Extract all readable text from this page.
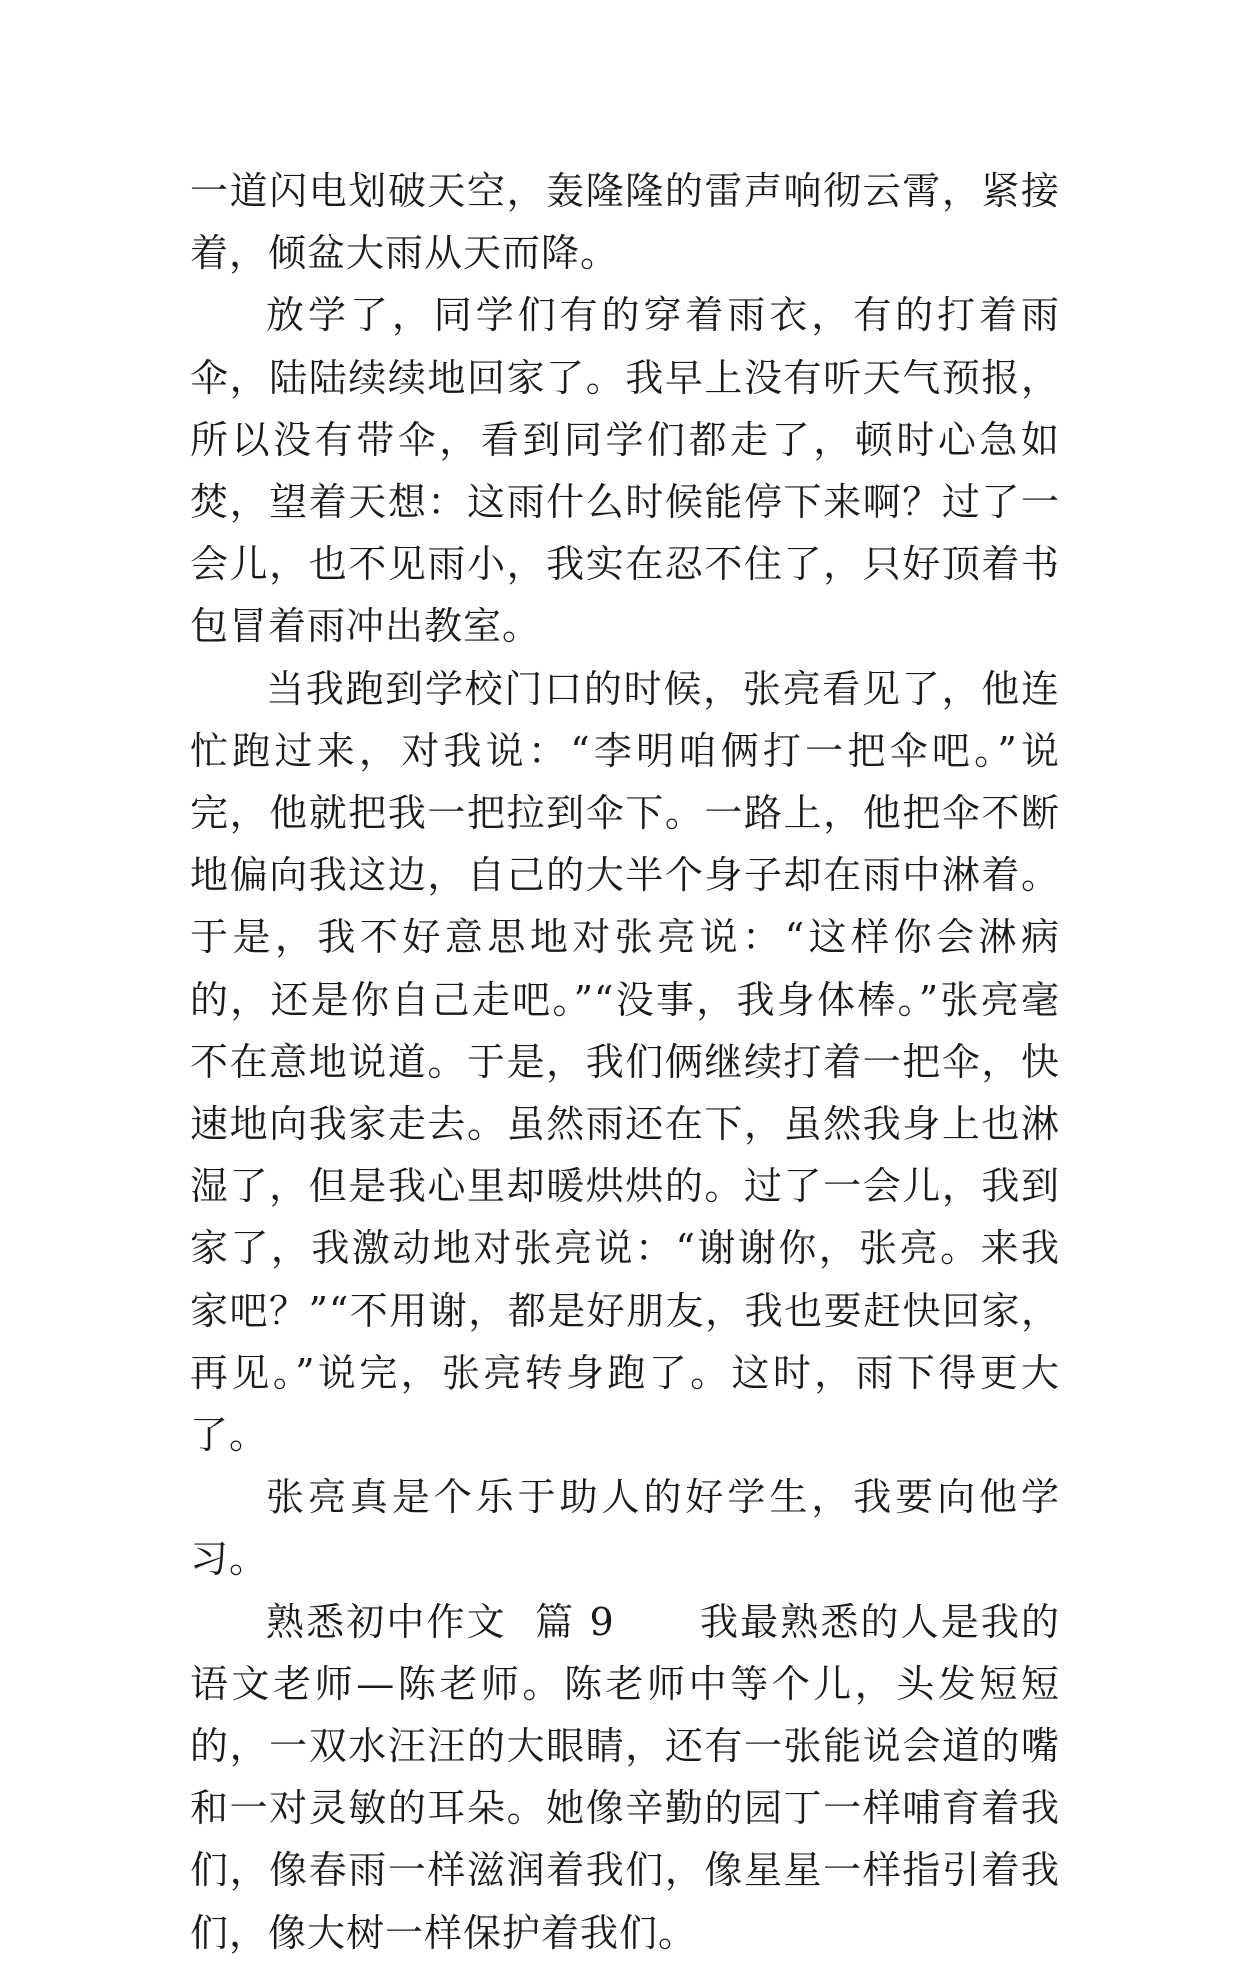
一道闪电划破天空，轰隆隆的雷声响彻云霄，紧接着，倾盆大雨从天而降。

放学了，同学们有的穿着雨衣，有的打着雨伞，陆陆续续地回家了。我早上没有听天气预报，所以没有带伞，看到同学们都走了，顿时心急如焚，望着天想：这雨什么时候能停下来啊？过了一会儿，也不见雨小，我实在忍不住了，只好顶着书包冒着雨冲出教室。

当我跑到学校门口的时候，张亮看见了，他连忙跑过来，对我说：“李明咱俩打一把伞吧。”说完，他就把我一把拉到伞下。一路上，他把伞不断地偏向我这边，自己的大半个身子却在雨中淋着。于是，我不好意思地对张亮说：“这样你会淋病的，还是你自己走吧。”“没事，我身体棒。”张亮毫不在意地说道。于是，我们俩继续打着一把伞，快速地向我家走去。虽然雨还在下，虽然我身上也淋湿了，但是我心里却暖烘烘的。过了一会儿，我到家了，我激动地对张亮说：“谢谢你，张亮。来我家吧？”“不用谢，都是好朋友，我也要赶快回家，再见。”说完，张亮转身跑了。这时，雨下得更大了。

张亮真是个乐于助人的好学生，我要向他学习。

熟悉初中作文  篇 9 我最熟悉的人是我的语文老师—陈老师。陈老师中等个儿，头发短短的，一双水汪汪的大眼睛，还有一张能说会道的嘴和一对灵敏的耳朵。她像辛勤的园丁一样哺育着我们，像春雨一样滋润着我们，像星星一样指引着我们，像大树一样保护着我们。
